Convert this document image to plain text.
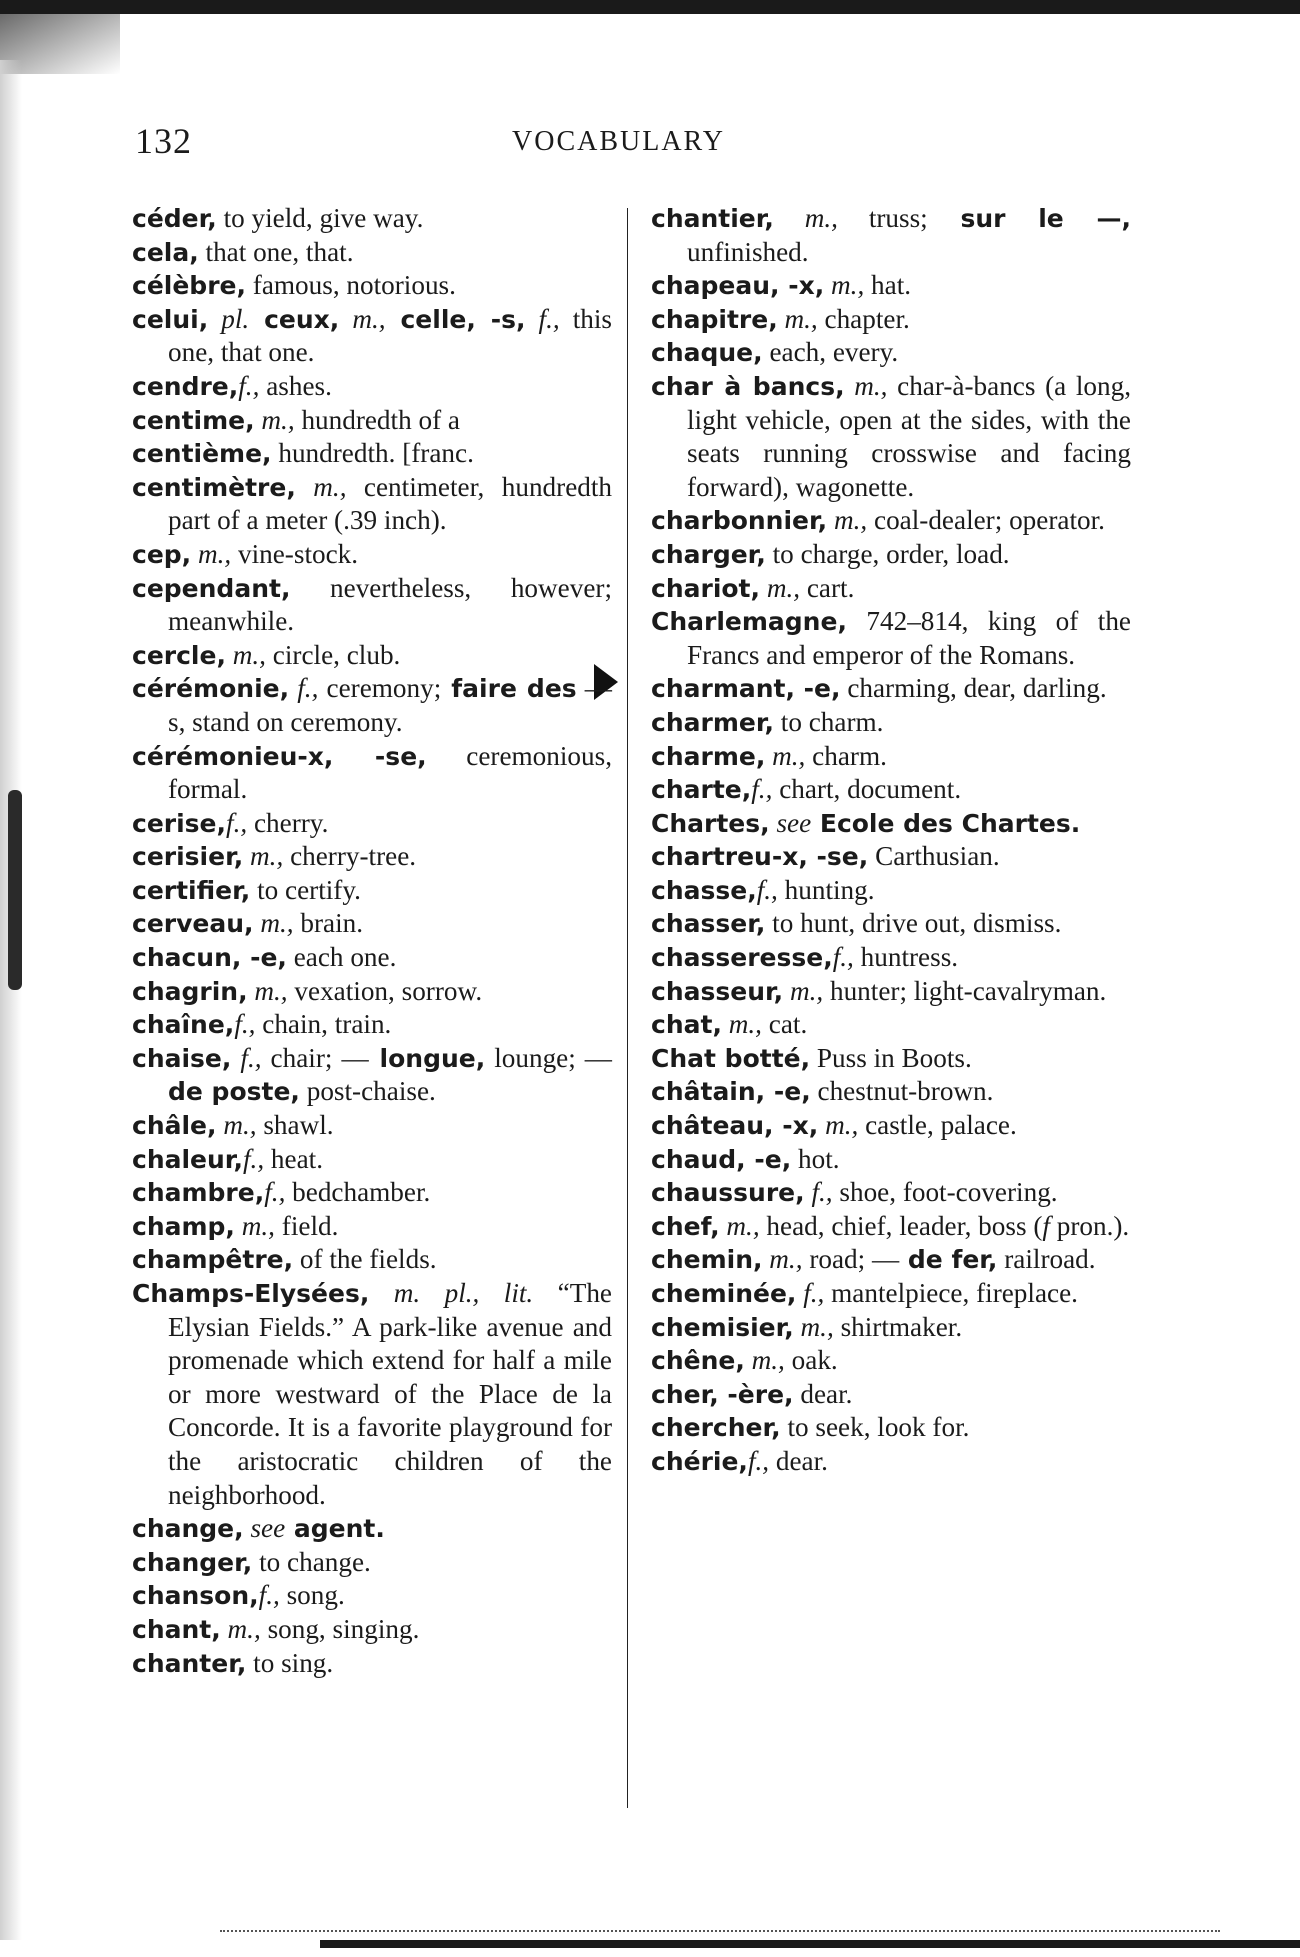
132	VOCABULARY

céder, to yield, give way.

cela, that one, that.

célèbre, famous, notorious.

celui, pl. ceux, m., celle, -s, f., this one, that one.

cendre,f., ashes.

centime, m., hundredth of a

centième, hundredth. [franc.

centimètre, m., centimeter, hundredth part of a meter (.39 inch).

cep, m., vine-stock.

cependant, nevertheless, however; meanwhile.

cercle, m., circle, club.

cérémonie, f., ceremony; faire des —s, stand on ceremony.

cérémonieu-x, -se, ceremonious, formal.

cerise,f., cherry.

cerisier, m., cherry-tree.

certifier, to certify.

cerveau, m., brain.

chacun, -e, each one.

chagrin, m., vexation, sorrow.

chaîne,f., chain, train.

chaise, f., chair; — longue, lounge; — de poste, post-chaise.

châle, m., shawl.

chaleur,f., heat.

chambre,f., bedchamber.

champ, m., field.

champêtre, of the fields.

Champs-Elysées, m. pl., lit. “The Elysian Fields.” A park-like avenue and promenade which extend for half a mile or more westward of the Place de la Concorde. It is a favorite playground for the aristocratic children of the neighborhood.

change, see agent.

changer, to change.

chanson,f., song.

chant, m., song, singing.

chanter, to sing.

chantier, m., truss; sur le —, unfinished.

chapeau, -x, m., hat.

chapitre, m., chapter.

chaque, each, every.

char à bancs, m., char-à-bancs (a long, light vehicle, open at the sides, with the seats running crosswise and facing forward), wagonette.

charbonnier, m., coal-dealer; operator.

charger, to charge, order, load.

chariot, m., cart.

Charlemagne, 742–814, king of the Francs and emperor of the Romans.

charmant, -e, charming, dear, darling.

charmer, to charm.

charme, m., charm.

charte,f., chart, document.

Chartes, see Ecole des Chartes.

chartreu-x, -se, Carthusian.

chasse,f., hunting.

chasser, to hunt, drive out, dismiss.

chasseresse,f., huntress.

chasseur, m., hunter; light-cavalryman.

chat, m., cat.

Chat botté, Puss in Boots.

châtain, -e, chestnut-brown.

château, -x, m., castle, palace.

chaud, -e, hot.

chaussure, f., shoe, foot-covering.

chef, m., head, chief, leader, boss (f pron.).

chemin, m., road; — de fer, railroad.

cheminée, f., mantelpiece, fireplace.

chemisier, m., shirtmaker.

chêne, m., oak.

cher, -ère, dear.

chercher, to seek, look for.

chérie,f., dear.
